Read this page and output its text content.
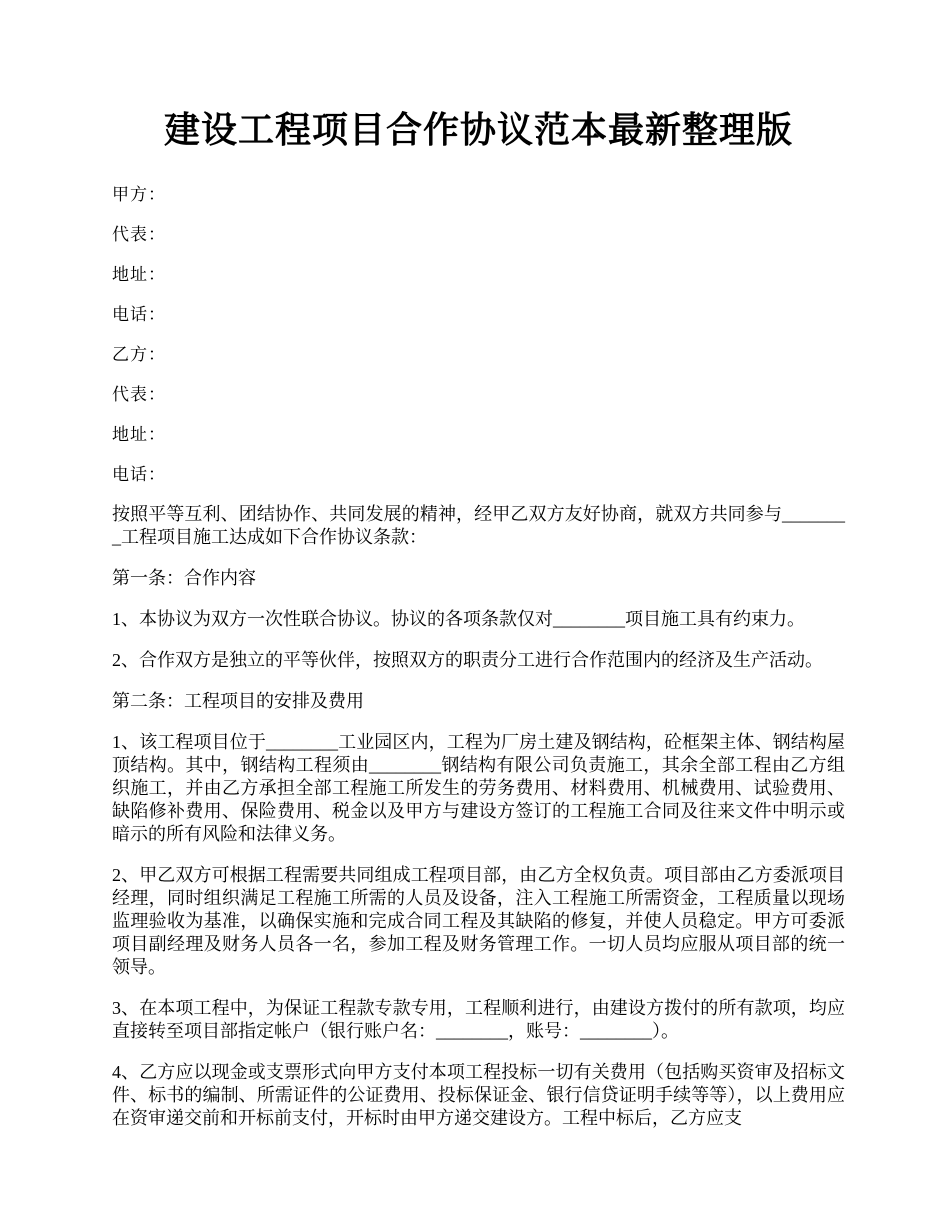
建设工程项目合作协议范本最新整理版
甲方：
代表：
地址：
电话：
乙方：
代表：
地址：
电话：
按照平等互利、团结协作、共同发展的精神，经甲乙双方友好协商，就双方共同参与________工程项目施工达成如下合作协议条款：
第一条：合作内容
1、本协议为双方一次性联合协议。协议的各项条款仅对________项目施工具有约束力。
2、合作双方是独立的平等伙伴，按照双方的职责分工进行合作范围内的经济及生产活动。
第二条：工程项目的安排及费用
1、该工程项目位于________工业园区内，工程为厂房土建及钢结构，砼框架主体、钢结构屋顶结构。其中，钢结构工程须由________钢结构有限公司负责施工，其余全部工程由乙方组织施工，并由乙方承担全部工程施工所发生的劳务费用、材料费用、机械费用、试验费用、缺陷修补费用、保险费用、税金以及甲方与建设方签订的工程施工合同及往来文件中明示或暗示的所有风险和法律义务。
2、甲乙双方可根据工程需要共同组成工程项目部，由乙方全权负责。项目部由乙方委派项目经理，同时组织满足工程施工所需的人员及设备，注入工程施工所需资金，工程质量以现场监理验收为基准，以确保实施和完成合同工程及其缺陷的修复，并使人员稳定。甲方可委派项目副经理及财务人员各一名，参加工程及财务管理工作。一切人员均应服从项目部的统一领导。
3、在本项工程中，为保证工程款专款专用，工程顺利进行，由建设方拨付的所有款项，均应直接转至项目部指定帐户（银行账户名：________，账号：________）。
4、乙方应以现金或支票形式向甲方支付本项工程投标一切有关费用（包括购买资审及招标文件、标书的编制、所需证件的公证费用、投标保证金、银行信贷证明手续等等），以上费用应在资审递交前和开标前支付，开标时由甲方递交建设方。工程中标后，乙方应支
